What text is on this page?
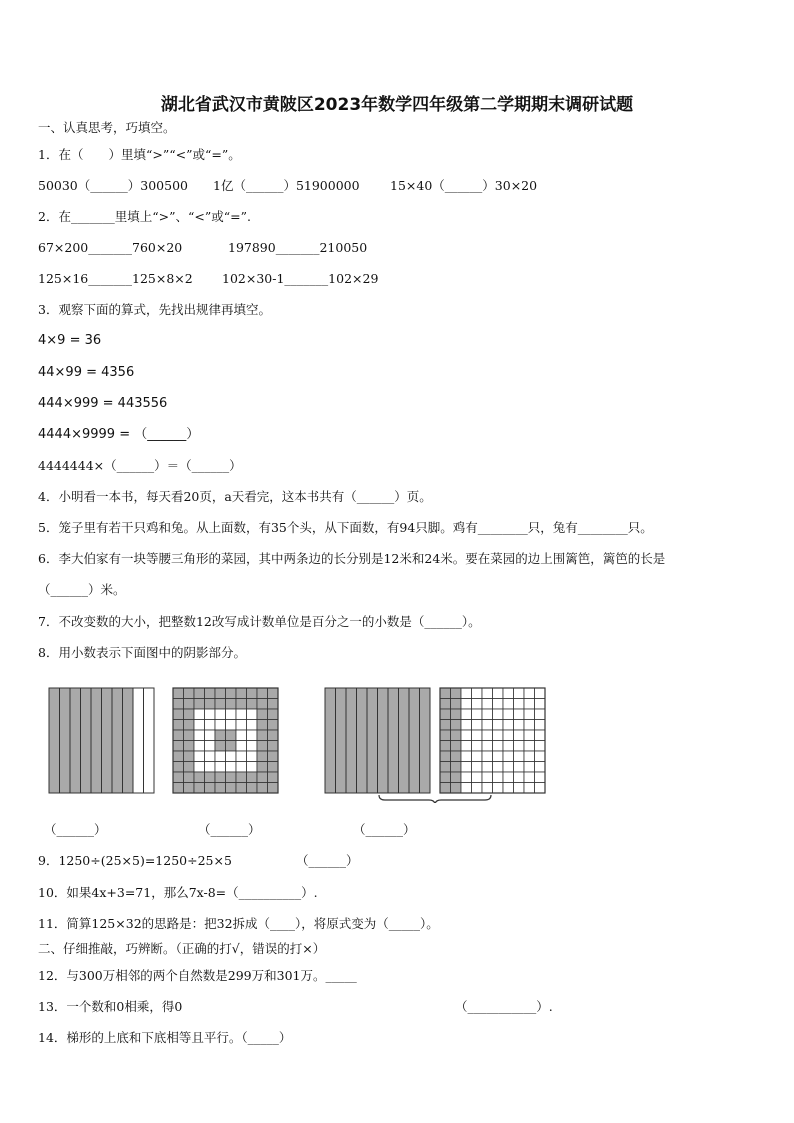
湖北省武汉市黄陂区2023年数学四年级第二学期期末调研试题
一、认真思考，巧填空。
1．在（　　）里填“>”“<”或“=”。
50030（______）300500 1亿（______）51900000 15×40（______）30×20
2．在_______里填上“>”、“<”或“=”.
67×200_______760×20	197890_______210050
125×16_______125×8×2 102×30-1_______102×29
3．观察下面的算式，先找出规律再填空。
4×9 = 36
44×99 = 4356
444×999 = 443556
4444×9999 = （______）
4444444×（______）＝（______）
4．小明看一本书，每天看20页，a天看完，这本书共有（______）页。
5．笼子里有若干只鸡和兔。从上面数，有35个头，从下面数，有94只脚。鸡有________只，兔有________只。
6．李大伯家有一块等腰三角形的菜园，其中两条边的长分别是12米和24米。要在菜园的边上围篱笆，篱笆的长是
（______）米。
7．不改变数的大小，把整数12改写成计数单位是百分之一的小数是（______）。
8．用小数表示下面图中的阴影部分。
（______）	（______）	（______）
9．1250÷(25×5)=1250÷25×5	（______）
10．如果4x+3=71，那么7x-8=（__________）.
11．简算125×32的思路是：把32拆成（____），将原式变为（_____）。
二、仔细推敲，巧辨断。（正确的打√，错误的打×）
12．与300万相邻的两个自然数是299万和301万。_____
13．一个数和0相乘，得0	（___________）.
14．梯形的上底和下底相等且平行。（_____）
